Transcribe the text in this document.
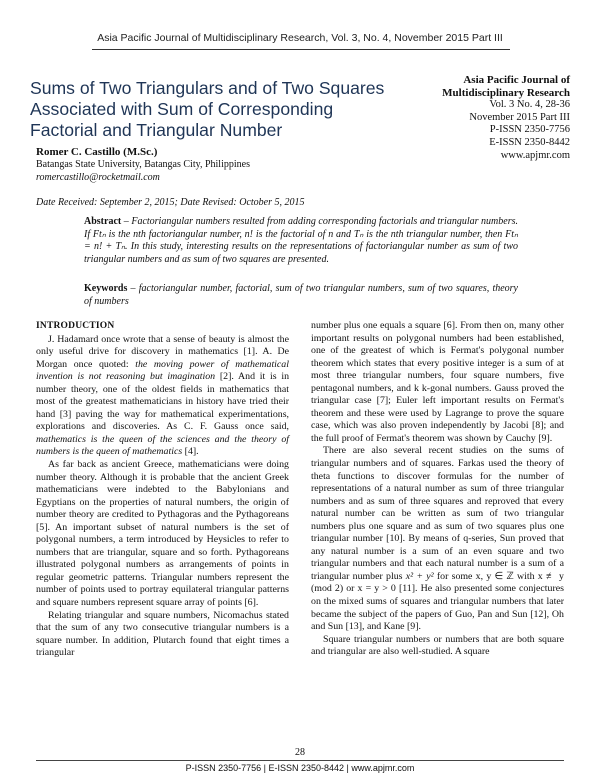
Asia Pacific Journal of Multidisciplinary Research, Vol. 3, No. 4, November 2015 Part III
Sums of Two Triangulars and of Two Squares
Associated with Sum of Corresponding
Factorial and Triangular Number
Asia Pacific Journal of
Multidisciplinary Research
Vol. 3 No. 4, 28-36
November 2015 Part III
P-ISSN 2350-7756
E-ISSN 2350-8442
www.apjmr.com
Romer C. Castillo (M.Sc.)
Batangas State University, Batangas City, Philippines
romercastillo@rocketmail.com
Date Received: September 2, 2015; Date Revised: October 5, 2015
Abstract – Factoriangular numbers resulted from adding corresponding factorials and triangular numbers. If Ftₙ is the nth factoriangular number, n! is the factorial of n and Tₙ is the nth triangular number, then Ftₙ = n! + Tₙ. In this study, interesting results on the representations of factoriangular number as sum of two triangular numbers and as sum of two squares are presented.
Keywords – factoriangular number, factorial, sum of two triangular numbers, sum of two squares, theory of numbers
INTRODUCTION

J. Hadamard once wrote that a sense of beauty is almost the only useful drive for discovery in mathematics [1]. A. De Morgan once quoted: the moving power of mathematical invention is not reasoning but imagination [2]. And it is in number theory, one of the oldest fields in mathematics that most of the greatest mathematicians in history have tried their hand [3] paving the way for mathematical experimentations, explorations and discoveries. As C. F. Gauss once said, mathematics is the queen of the sciences and the theory of numbers is the queen of mathematics [4].

As far back as ancient Greece, mathematicians were doing number theory. Although it is probable that the ancient Greek mathematicians were indebted to the Babylonians and Egyptians on the properties of natural numbers, the origin of number theory are credited to Pythagoras and the Pythagoreans [5]. An important subset of natural numbers is the set of polygonal numbers, a term introduced by Heysicles to refer to numbers that are triangular, square and so forth. Pythagoreans illustrated polygonal numbers as arrangements of points in regular geometric patterns. Triangular numbers represent the number of points used to portray equilateral triangular patterns and square numbers represent square array of points [6].

Relating triangular and square numbers, Nicomachus stated that the sum of any two consecutive triangular numbers is a square number. In addition, Plutarch found that eight times a triangular

number plus one equals a square [6]. From then on, many other important results on polygonal numbers had been established, one of the greatest of which is Fermat's polygonal number theorem which states that every positive integer is a sum of at most three triangular numbers, four square numbers, five pentagonal numbers, and k k-gonal numbers. Gauss proved the triangular case [7]; Euler left important results on Fermat's theorem and these were used by Lagrange to prove the square case, which was also proven independently by Jacobi [8]; and the full proof of Fermat's theorem was shown by Cauchy [9].

There are also several recent studies on the sums of triangular numbers and of squares. Farkas used the theory of theta functions to discover formulas for the number of representations of a natural number as sum of three triangular numbers and as sum of three squares and reproved that every natural number can be written as sum of two triangular numbers plus one square and as sum of two squares plus one triangular number [10]. By means of q-series, Sun proved that any natural number is a sum of an even square and two triangular numbers and that each natural number is a sum of a triangular number plus x² + y² for some x, y ∈ ℤ with x ≢ y (mod 2) or x = y > 0 [11]. He also presented some conjectures on the mixed sums of squares and triangular numbers that later became the subject of the papers of Guo, Pan and Sun [12], Oh and Sun [13], and Kane [9].

Square triangular numbers or numbers that are both square and triangular are also well-studied. A square

28
P-ISSN 2350-7756 | E-ISSN 2350-8442 | www.apjmr.com
